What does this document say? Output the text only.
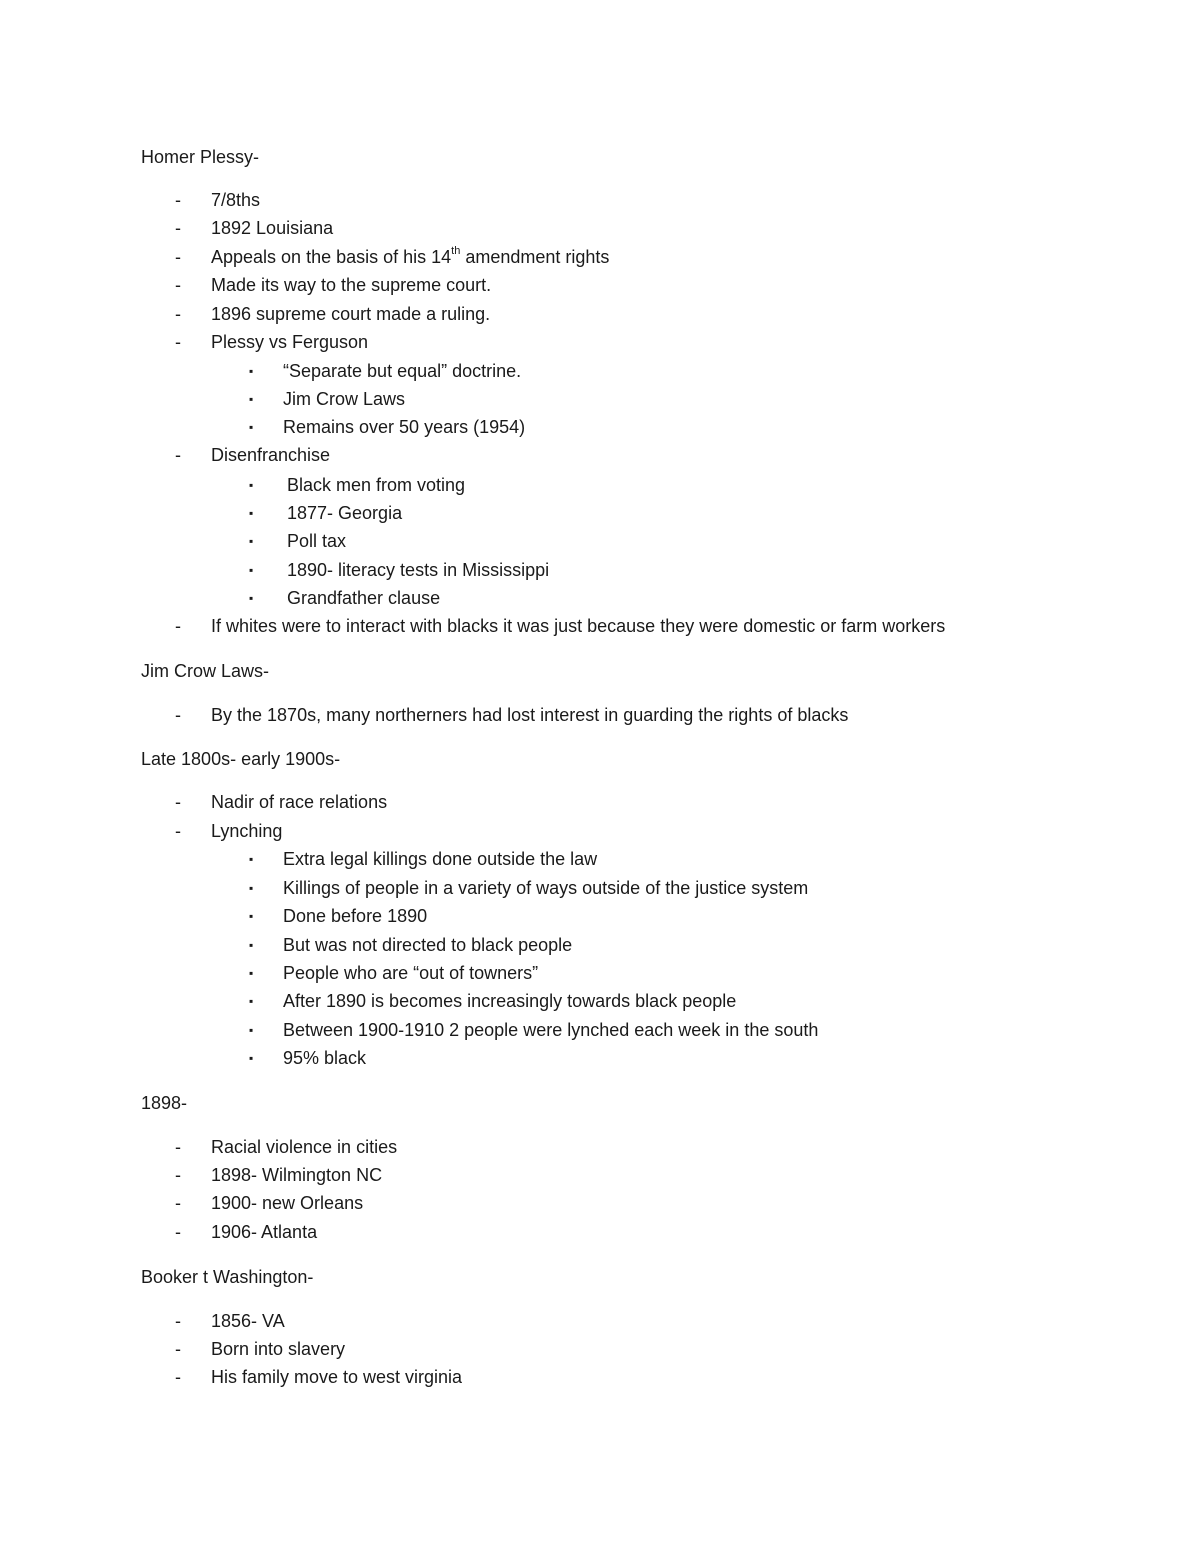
Homer Plessy-
- 7/8ths
- 1892 Louisiana
- Appeals on the basis of his 14th amendment rights
- Made its way to the supreme court.
- 1896 supreme court made a ruling.
- Plessy vs Ferguson
▪ “Separate but equal” doctrine.
▪ Jim Crow Laws
▪ Remains over 50 years (1954)
- Disenfranchise
▪ Black men from voting
▪ 1877- Georgia
▪ Poll tax
▪ 1890- literacy tests in Mississippi
▪ Grandfather clause
- If whites were to interact with blacks it was just because they were domestic or farm workers
Jim Crow Laws-
- By the 1870s, many northerners had lost interest in guarding the rights of blacks
Late 1800s- early 1900s-
- Nadir of race relations
- Lynching
▪ Extra legal killings done outside the law
▪ Killings of people in a variety of ways outside of the justice system
▪ Done before 1890
▪ But was not directed to black people
▪ People who are “out of towners”
▪ After 1890 is becomes increasingly towards black people
▪ Between 1900-1910 2 people were lynched each week in the south
▪ 95% black
1898-
- Racial violence in cities
- 1898- Wilmington NC
- 1900- new Orleans
- 1906- Atlanta
Booker t Washington-
- 1856- VA
- Born into slavery
- His family move to west virginia
